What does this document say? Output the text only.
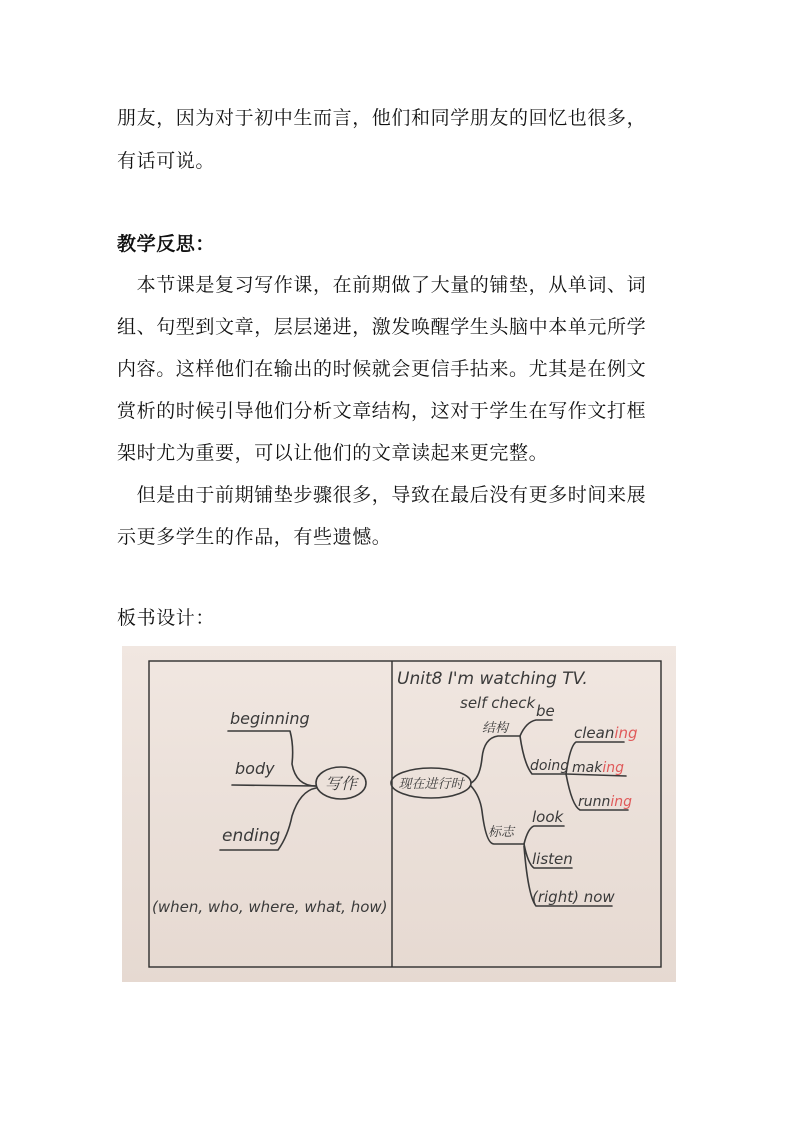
朋友，因为对于初中生而言，他们和同学朋友的回忆也很多，
有话可说。
教学反思：
　本节课是复习写作课，在前期做了大量的铺垫，从单词、词
组、句型到文章，层层递进，激发唤醒学生头脑中本单元所学
内容。这样他们在输出的时候就会更信手拈来。尤其是在例文
赏析的时候引导他们分析文章结构，这对于学生在写作文打框
架时尤为重要，可以让他们的文章读起来更完整。
　但是由于前期铺垫步骤很多，导致在最后没有更多时间来展
示更多学生的作品，有些遗憾。
板书设计：
beginning
body
ending
写作
(when, who, where, what, how)
Unit8 I'm watching TV.
self check
现在进行时
结构
be
doing
cleaning
making
running
标志
look
listen
(right) now
